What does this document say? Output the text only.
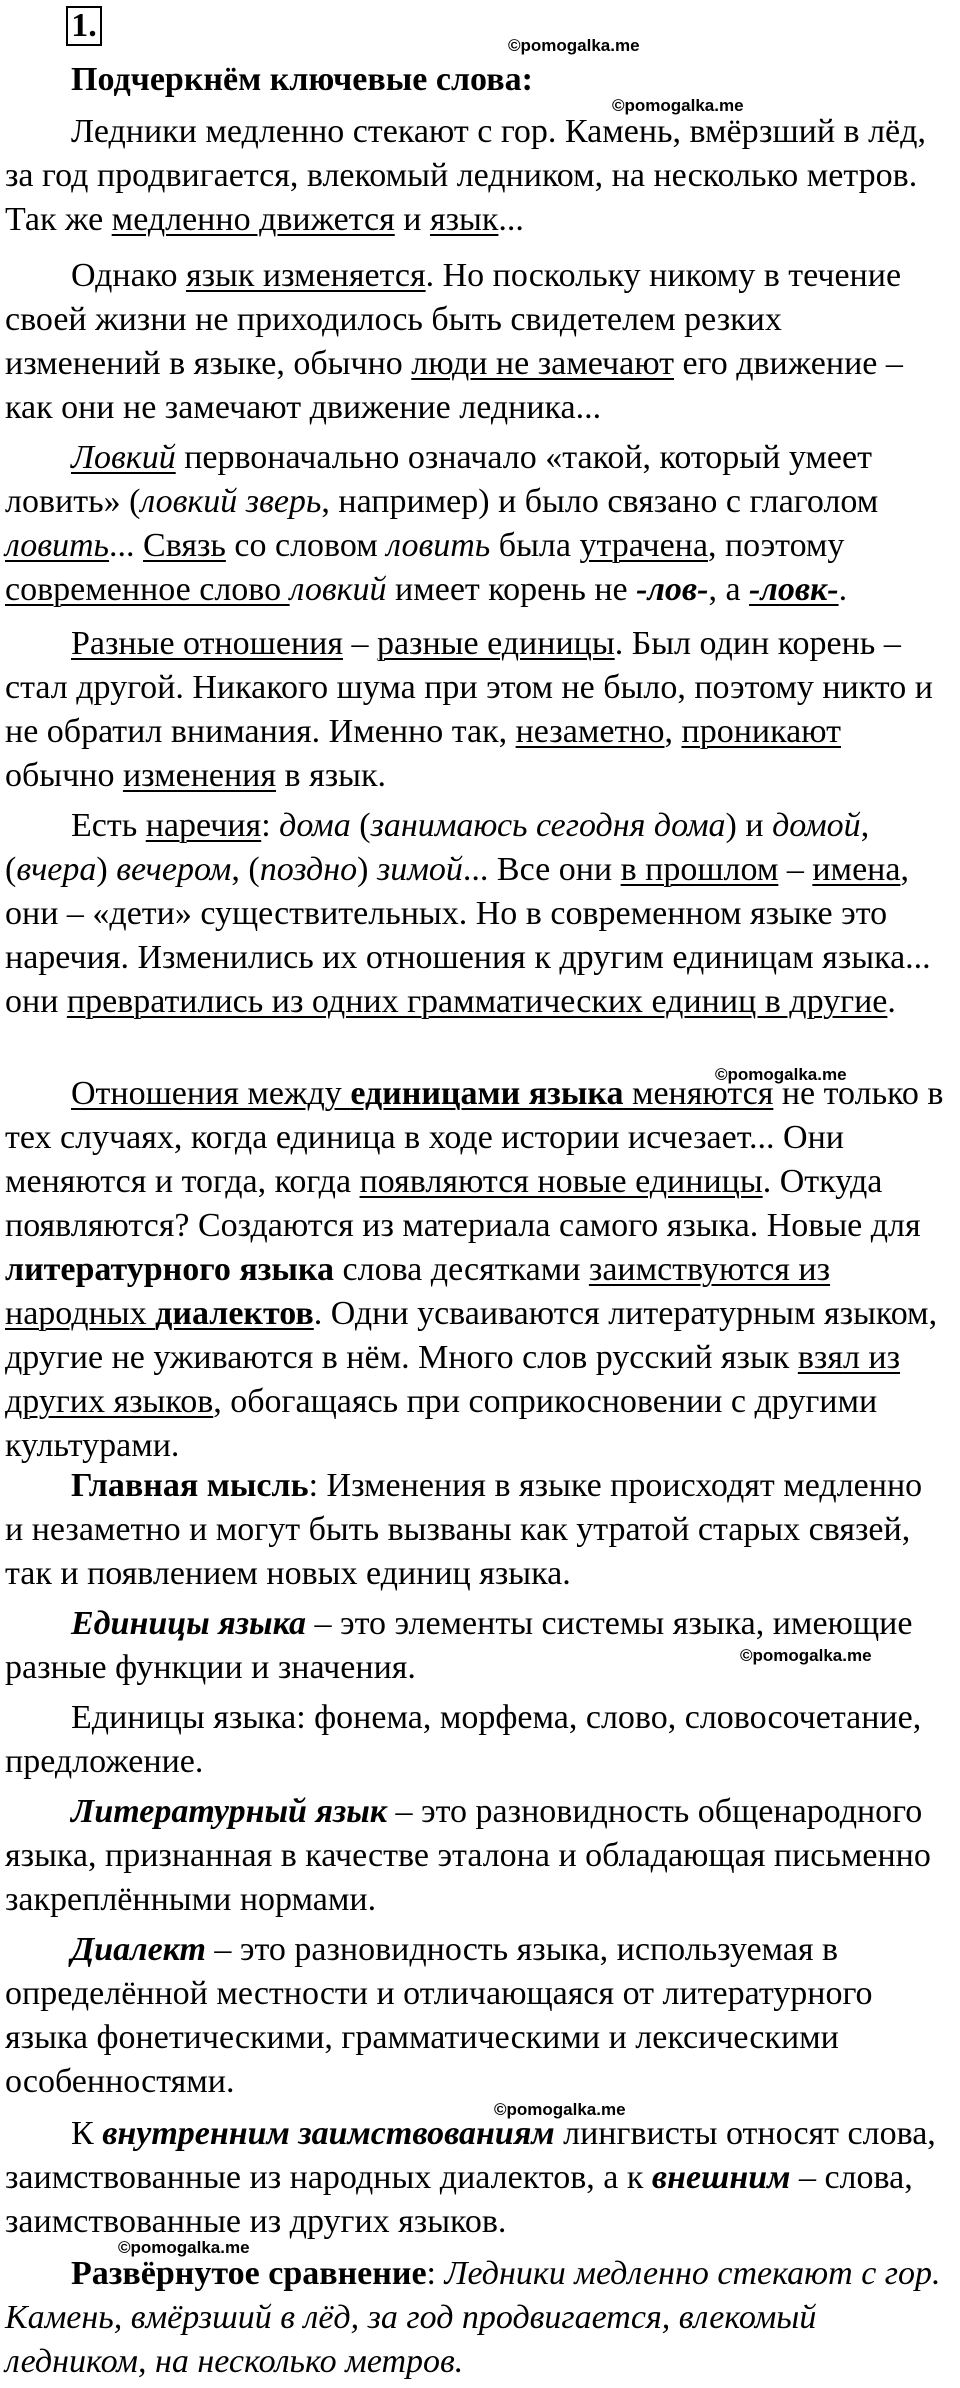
1.
©pomogalka.me
©pomogalka.me
©pomogalka.me
©pomogalka.me
©pomogalka.me
©pomogalka.me

Подчеркнём ключевые слова:

Ледники медленно стекают с гор. Камень, вмёрзший в лёд, за год продвигается, влекомый ледником, на несколько метров. Так же медленно движется и язык...

Однако язык изменяется. Но поскольку никому в течение своей жизни не приходилось быть свидетелем резких изменений в языке, обычно люди не замечают его движение – как они не замечают движение ледника...

Ловкий первоначально означало «такой, который умеет ловить» (ловкий зверь, например) и было связано с глаголом ловить... Связь со словом ловить была утрачена, поэтому современное слово ловкий имеет корень не -лов-, а -ловк-.

Разные отношения – разные единицы. Был один корень – стал другой. Никакого шума при этом не было, поэтому никто и не обратил внимания. Именно так, незаметно, проникают обычно изменения в язык.

Есть наречия: дома (занимаюсь сегодня дома) и домой, (вчера) вечером, (поздно) зимой... Все они в прошлом – имена, они – «дети» существительных. Но в современном языке это наречия. Изменились их отношения к другим единицам языка... они превратились из одних грамматических единиц в другие.

Отношения между единицами языка меняются не только в тех случаях, когда единица в ходе истории исчезает... Они меняются и тогда, когда появляются новые единицы. Откуда появляются? Создаются из материала самого языка. Новые для литературного языка слова десятками заимствуются из народных диалектов. Одни усваиваются литературным языком, другие не уживаются в нём. Много слов русский язык взял из других языков, обогащаясь при соприкосновении с другими культурами.

Главная мысль: Изменения в языке происходят медленно и незаметно и могут быть вызваны как утратой старых связей, так и появлением новых единиц языка.

Единицы языка – это элементы системы языка, имеющие разные функции и значения.

Единицы языка: фонема, морфема, слово, словосочетание, предложение.

Литературный язык – это разновидность общенародного языка, признанная в качестве эталона и обладающая письменно закреплёнными нормами.

Диалект – это разновидность языка, используемая в определённой местности и отличающаяся от литературного языка фонетическими, грамматическими и лексическими особенностями.

К внутренним заимствованиям лингвисты относят слова, заимствованные из народных диалектов, а к внешним – слова, заимствованные из других языков.

Развёрнутое сравнение: Ледники медленно стекают с гор. Камень, вмёрзший в лёд, за год продвигается, влекомый ледником, на несколько метров.
